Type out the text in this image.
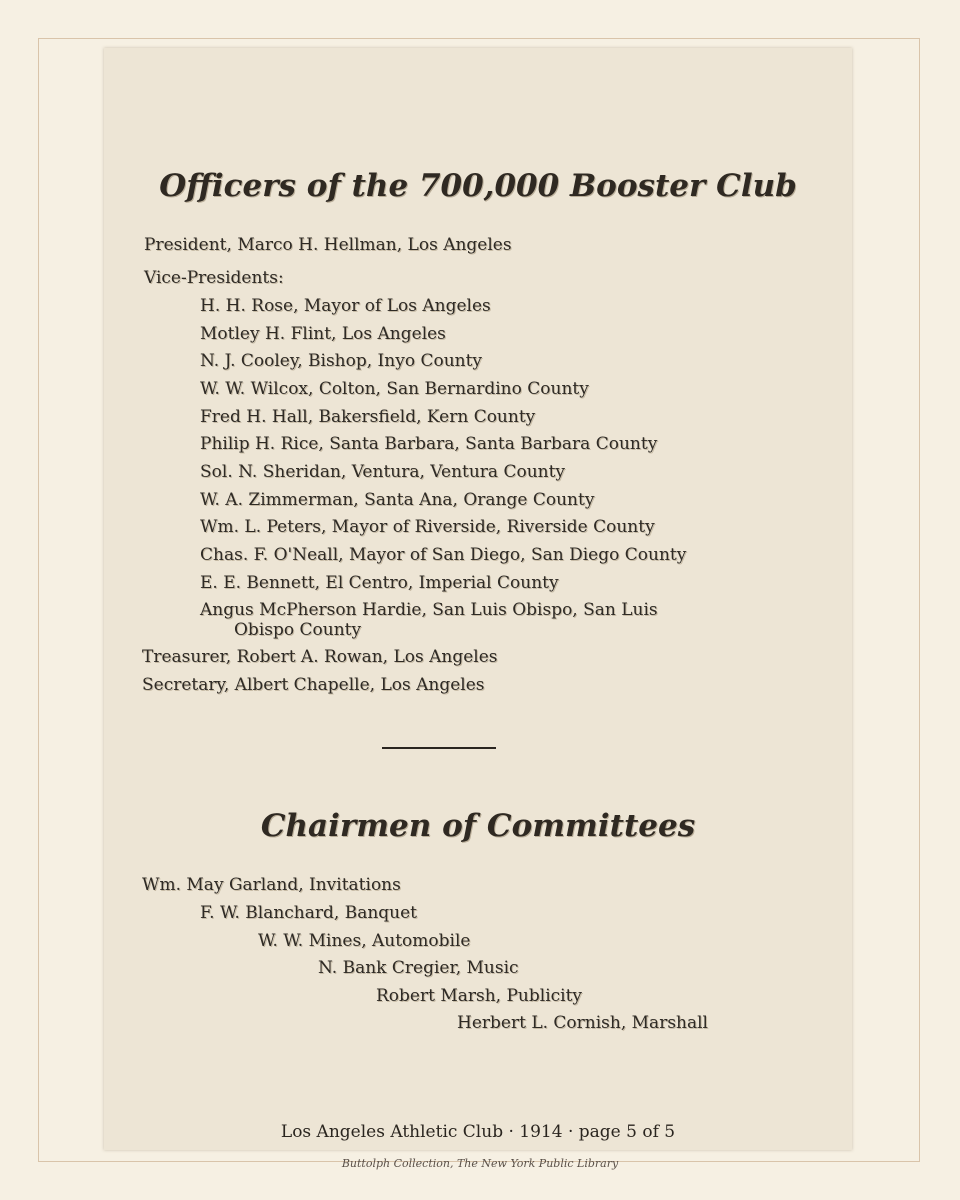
Officers of the 700,000 Booster Club

President, Marco H. Hellman, Los Angeles

Vice-Presidents:

H. H. Rose, Mayor of Los Angeles

Motley H. Flint, Los Angeles

N. J. Cooley, Bishop, Inyo County

W. W. Wilcox, Colton, San Bernardino County

Fred H. Hall, Bakersfield, Kern County

Philip H. Rice, Santa Barbara, Santa Barbara County

Sol. N. Sheridan, Ventura, Ventura County

W. A. Zimmerman, Santa Ana, Orange County

Wm. L. Peters, Mayor of Riverside, Riverside County

Chas. F. O'Neall, Mayor of San Diego, San Diego County

E. E. Bennett, El Centro, Imperial County

Angus McPherson Hardie, San Luis Obispo, San Luis

Obispo County

Treasurer, Robert A. Rowan, Los Angeles

Secretary, Albert Chapelle, Los Angeles

Chairmen of Committees

Wm. May Garland, Invitations

F. W. Blanchard, Banquet

W. W. Mines, Automobile

N. Bank Cregier, Music

Robert Marsh, Publicity

Herbert L. Cornish, Marshall

Los Angeles Athletic Club · 1914 · page 5 of 5

Buttolph Collection, The New York Public Library
